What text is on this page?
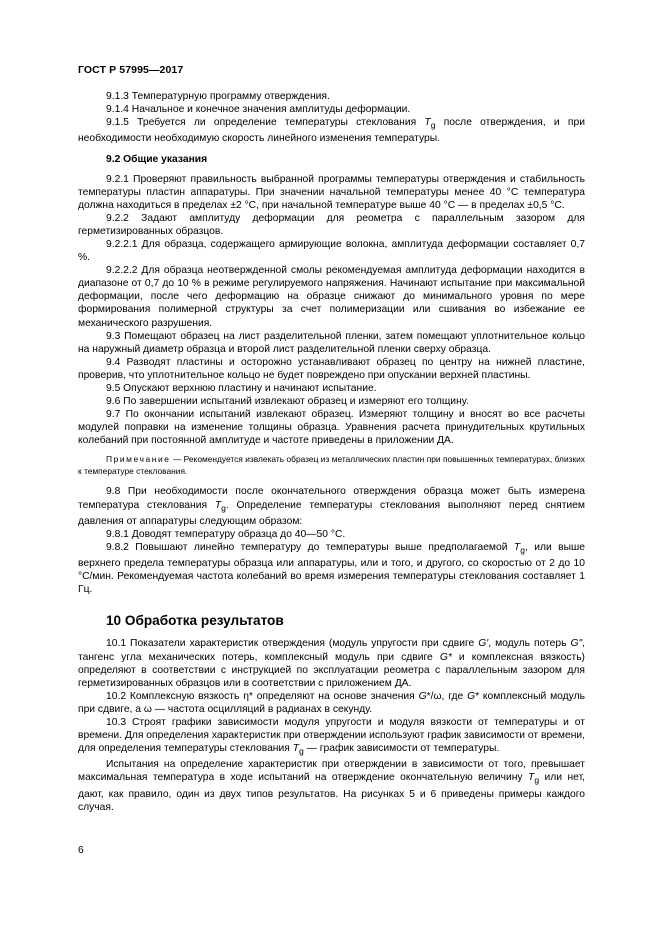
ГОСТ Р 57995—2017

9.1.3 Температурную программу отверждения.

9.1.4 Начальное и конечное значения амплитуды деформации.

9.1.5 Требуется ли определение температуры стеклования $T_g$ после отверждения, и при необходимости необходимую скорость линейного изменения температуры.

9.2 Общие указания

9.2.1 Проверяют правильность выбранной программы температуры отверждения и стабильность температуры пластин аппаратуры. При значении начальной температуры менее 40 °С температура должна находиться в пределах ±2 °С, при начальной температуре выше 40 °С — в пределах ±0,5 °С.

9.2.2 Задают амплитуду деформации для реометра с параллельным зазором для герметизированных образцов.

9.2.2.1 Для образца, содержащего армирующие волокна, амплитуда деформации составляет 0,7 %.

9.2.2.2 Для образца неотвержденной смолы рекомендуемая амплитуда деформации находится в диапазоне от 0,7 до 10 % в режиме регулируемого напряжения. Начинают испытание при максимальной деформации, после чего деформацию на образце снижают до минимального уровня по мере формирования полимерной структуры за счет полимеризации или сшивания во избежание ее механического разрушения.

9.3 Помещают образец на лист разделительной пленки, затем помещают уплотнительное кольцо на наружный диаметр образца и второй лист разделительной пленки сверху образца.

9.4 Разводят пластины и осторожно устанавливают образец по центру на нижней пластине, проверив, что уплотнительное кольцо не будет повреждено при опускании верхней пластины.

9.5 Опускают верхнюю пластину и начинают испытание.

9.6 По завершении испытаний извлекают образец и измеряют его толщину.

9.7 По окончании испытаний извлекают образец. Измеряют толщину и вносят во все расчеты модулей поправки на изменение толщины образца. Уравнения расчета принудительных крутильных колебаний при постоянной амплитуде и частоте приведены в приложении ДА.

Примечание — Рекомендуется извлекать образец из металлических пластин при повышенных температурах, близких к температуре стеклования.

9.8 При необходимости после окончательного отверждения образца может быть измерена температура стеклования $T_g$. Определение температуры стеклования выполняют перед снятием давления от аппаратуры следующим образом:

9.8.1 Доводят температуру образца до 40—50 °С.

9.8.2 Повышают линейно температуру до температуры выше предполагаемой $T_g$, или выше верхнего предела температуры образца или аппаратуры, или и того, и другого, со скоростью от 2 до 10 °С/мин. Рекомендуемая частота колебаний во время измерения температуры стеклования составляет 1 Гц.

10 Обработка результатов

10.1 Показатели характеристик отверждения (модуль упругости при сдвиге G', модуль потерь G", тангенс угла механических потерь, комплексный модуль при сдвиге G* и комплексная вязкость) определяют в соответствии с инструкцией по эксплуатации реометра с параллельным зазором для герметизированных образцов или в соответствии с приложением ДА.

10.2 Комплексную вязкость η* определяют на основе значения G*/ω, где G* комплексный модуль при сдвиге, а ω — частота осцилляций в радианах в секунду.

10.3 Строят графики зависимости модуля упругости и модуля вязкости от температуры и от времени. Для определения характеристик при отверждении используют график зависимости от времени, для определения температуры стеклования $T_g$ — график зависимости от температуры.

Испытания на определение характеристик при отверждении в зависимости от того, превышает максимальная температура в ходе испытаний на отверждение окончательную величину $T_g$ или нет, дают, как правило, один из двух типов результатов. На рисунках 5 и 6 приведены примеры каждого случая.

6
